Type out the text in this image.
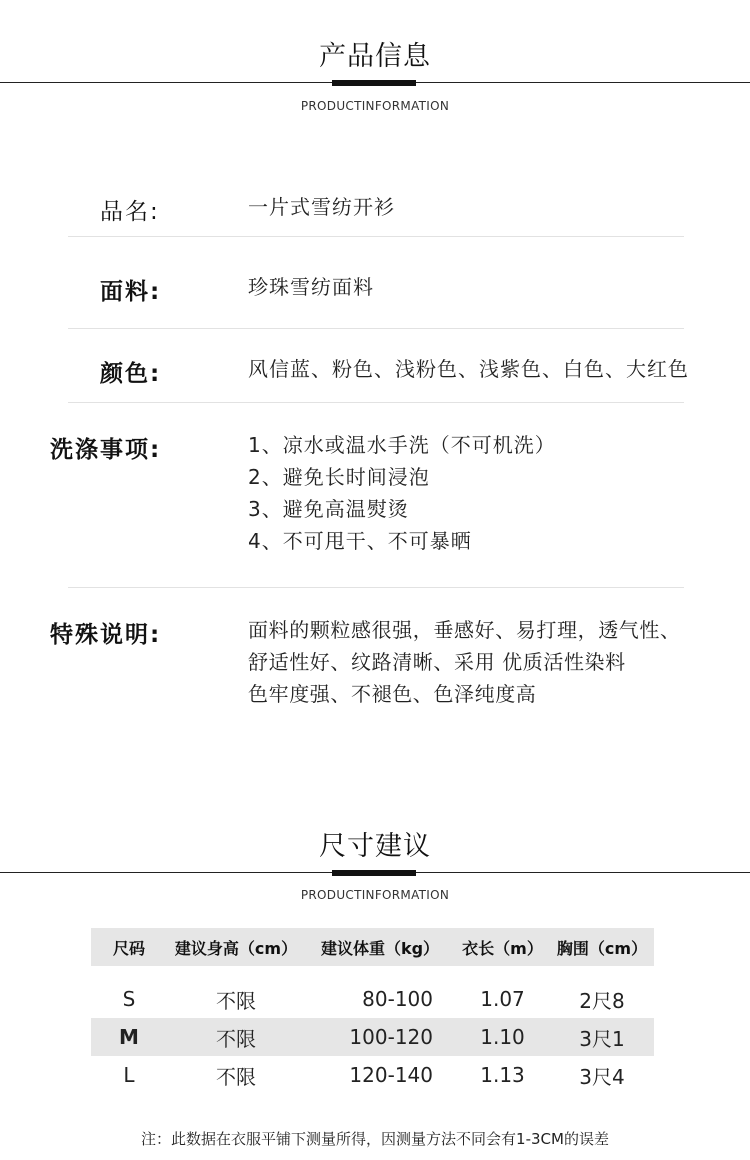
产品信息
PRODUCTINFORMATION
品名:	一片式雪纺开衫
面料:	珍珠雪纺面料
颜色:	风信蓝、粉色、浅粉色、浅紫色、白色、大红色
洗涤事项:	1、凉水或温水手洗（不可机洗）
2、避免长时间浸泡
3、避免高温熨烫
4、不可甩干、不可暴晒
特殊说明:	面料的颗粒感很强，垂感好、易打理，透气性、
舒适性好、纹路清晰、采用 优质活性染料
色牢度强、不褪色、色泽纯度高
尺寸建议
PRODUCTINFORMATION
尺码	建议身高（cm）	建议体重（kg）	衣长（m）	胸围（cm）
S	不限	80-100	1.07	2尺8
M	不限	100-120	1.10	3尺1
L	不限	120-140	1.13	3尺4
注：此数据在衣服平铺下测量所得，因测量方法不同会有1-3CM的误差
